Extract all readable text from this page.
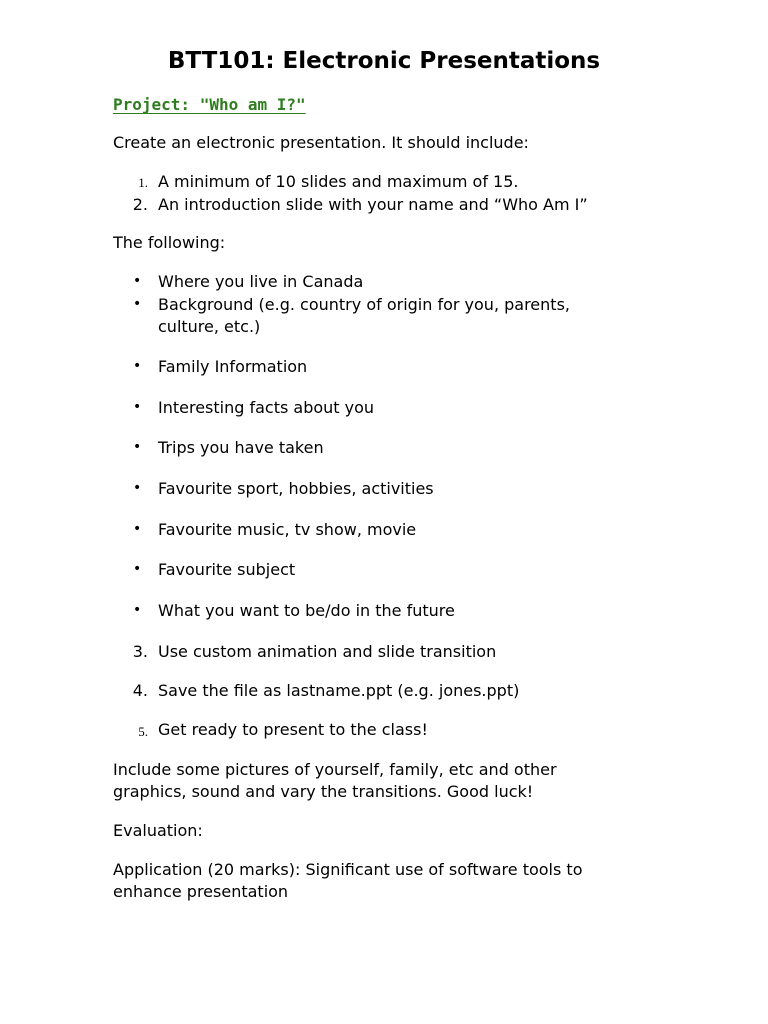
BTT101: Electronic Presentations
Project: "Who am I?"
Create an electronic presentation. It should include:
1. A minimum of 10 slides and maximum of 15.
2. An introduction slide with your name and “Who Am I”
The following:
• Where you live in Canada
• Background (e.g. country of origin for you, parents,
culture, etc.)
• Family Information
• Interesting facts about you
• Trips you have taken
• Favourite sport, hobbies, activities
• Favourite music, tv show, movie
• Favourite subject
• What you want to be/do in the future
3. Use custom animation and slide transition
4. Save the file as lastname.ppt (e.g. jones.ppt)
5. Get ready to present to the class!
Include some pictures of yourself, family, etc and other
graphics, sound and vary the transitions. Good luck!
Evaluation:
Application (20 marks): Significant use of software tools to
enhance presentation
